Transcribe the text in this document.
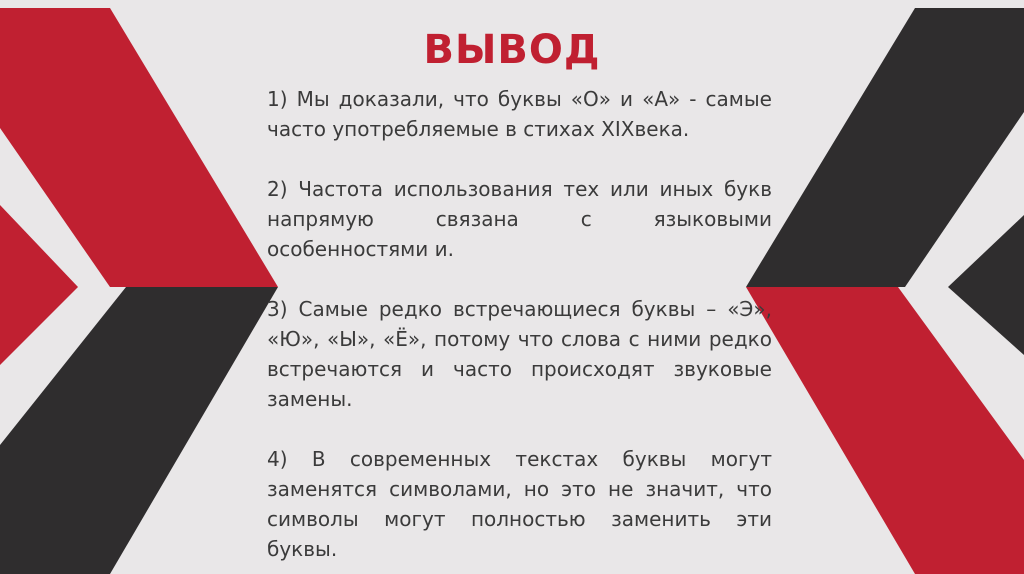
ВЫВОД

1) Мы доказали, что буквы «О» и «А» - самые часто употребляемые в стихах XIXвека.

2) Частота использования тех или иных букв напрямую связана с языковыми особенностями и.

3) Самые редко встречающиеся буквы – «Э», «Ю», «Ы», «Ё», потому что слова с ними редко встречаются и часто происходят звуковые замены.

4) В современных текстах буквы могут заменятся символами, но это не значит, что символы могут полностью заменить эти буквы.
